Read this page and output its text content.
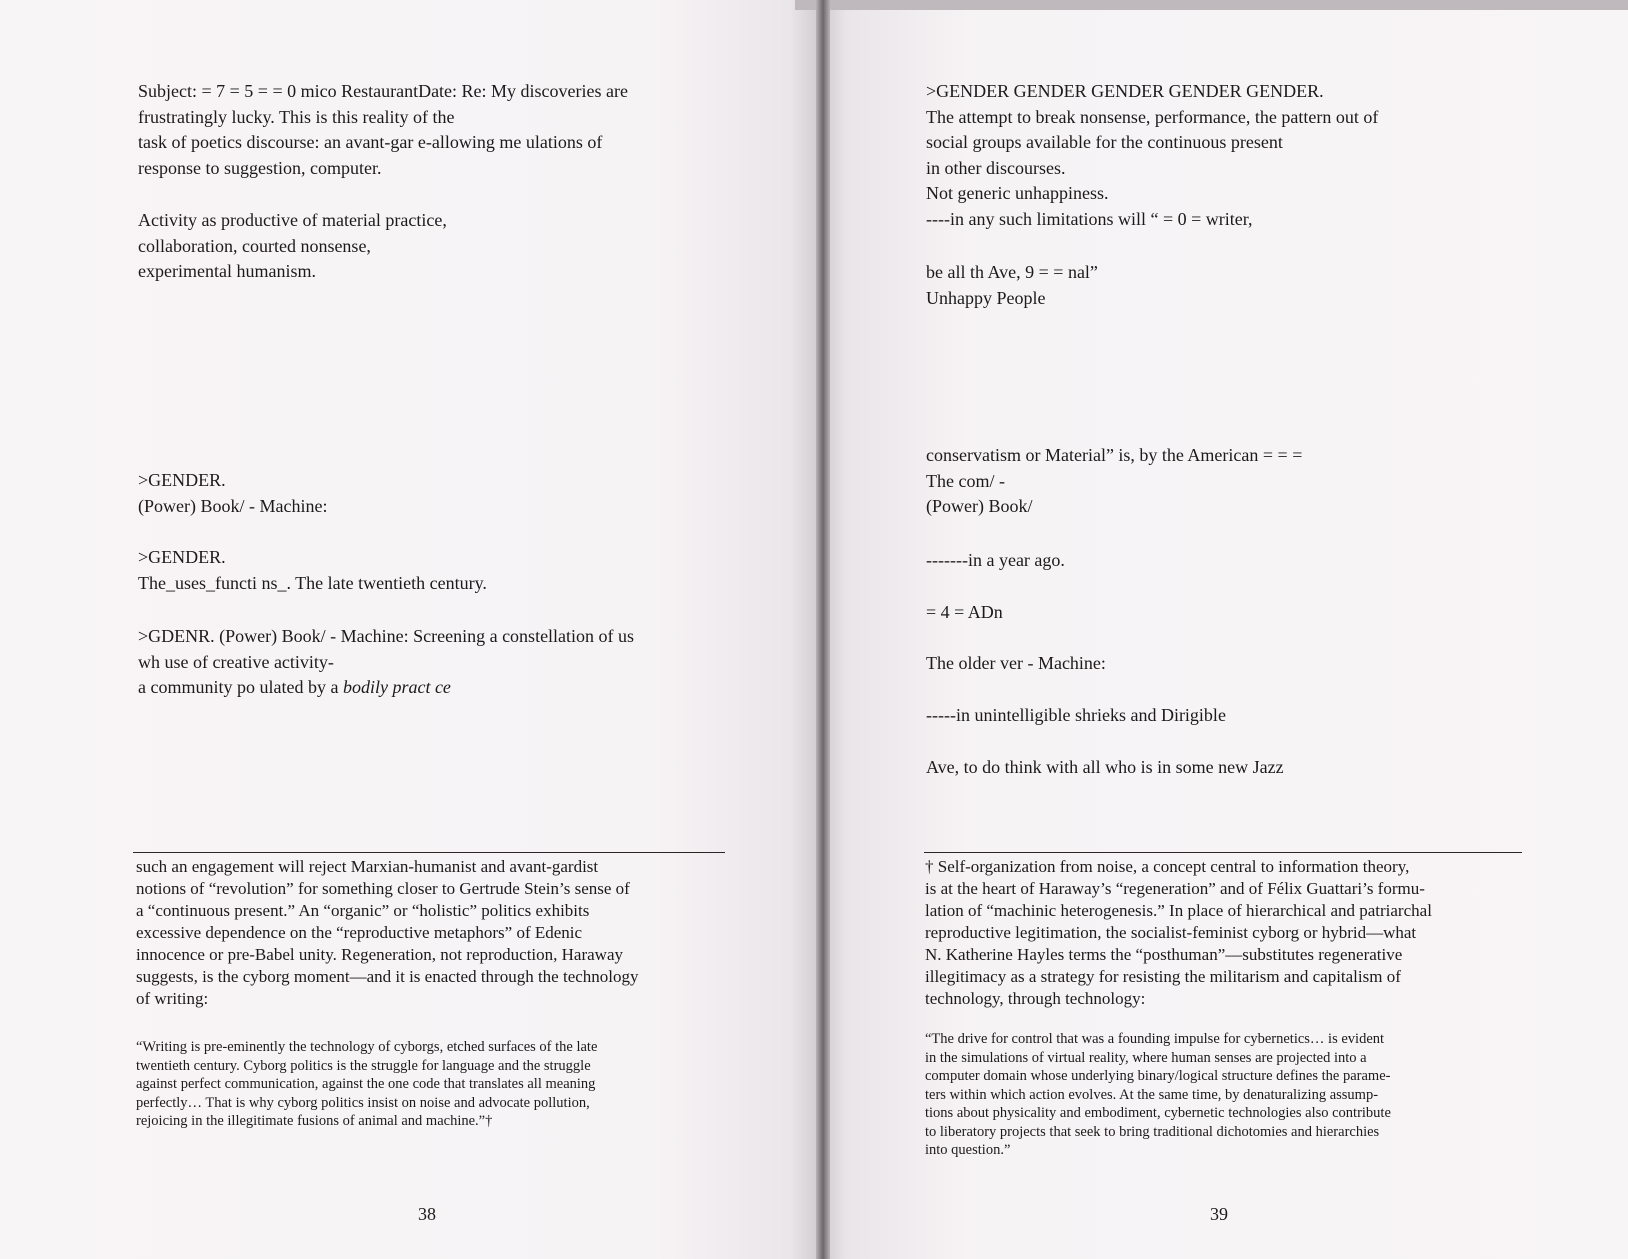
Subject: = 7 = 5 = = 0 mico RestaurantDate: Re: My discoveries are
frustratingly lucky. This is this reality of the
task of poetics discourse: an avant-gar e-allowing me ulations of
response to suggestion, computer.
Activity as productive of material practice,
collaboration, courted nonsense,
experimental humanism.
>GENDER.
(Power) Book/ - Machine:
>GENDER.
The_uses_functi ns_. The late twentieth century.
>GDENR. (Power) Book/ - Machine: Screening a constellation of us
wh use of creative activity-
a community po ulated by a bodily pract ce
such an engagement will reject Marxian-humanist and avant-gardist
notions of “revolution” for something closer to Gertrude Stein’s sense of
a “continuous present.” An “organic” or “holistic” politics exhibits
excessive dependence on the “reproductive metaphors” of Edenic
innocence or pre-Babel unity. Regeneration, not reproduction, Haraway
suggests, is the cyborg moment—and it is enacted through the technology
of writing:
“Writing is pre-eminently the technology of cyborgs, etched surfaces of the late
twentieth century. Cyborg politics is the struggle for language and the struggle
against perfect communication, against the one code that translates all meaning
perfectly… That is why cyborg politics insist on noise and advocate pollution,
rejoicing in the illegitimate fusions of animal and machine.”†
38
>GENDER GENDER GENDER GENDER GENDER.
The attempt to break nonsense, performance, the pattern out of
social groups available for the continuous present
in other discourses.
Not generic unhappiness.
----in any such limitations will “ = 0 = writer,
be all th Ave, 9 = = nal”
Unhappy People
conservatism or Material” is, by the American = = =
The com/ -
(Power) Book/
-------in a year ago.
= 4 = ADn
The older ver - Machine:
-----in unintelligible shrieks and Dirigible
Ave, to do think with all who is in some new Jazz
† Self-organization from noise, a concept central to information theory,
is at the heart of Haraway’s “regeneration” and of Félix Guattari’s formu-
lation of “machinic heterogenesis.” In place of hierarchical and patriarchal
reproductive legitimation, the socialist-feminist cyborg or hybrid—what
N. Katherine Hayles terms the “posthuman”—substitutes regenerative
illegitimacy as a strategy for resisting the militarism and capitalism of
technology, through technology:
“The drive for control that was a founding impulse for cybernetics… is evident
in the simulations of virtual reality, where human senses are projected into a
computer domain whose underlying binary/logical structure defines the parame-
ters within which action evolves. At the same time, by denaturalizing assump-
tions about physicality and embodiment, cybernetic technologies also contribute
to liberatory projects that seek to bring traditional dichotomies and hierarchies
into question.”
39
